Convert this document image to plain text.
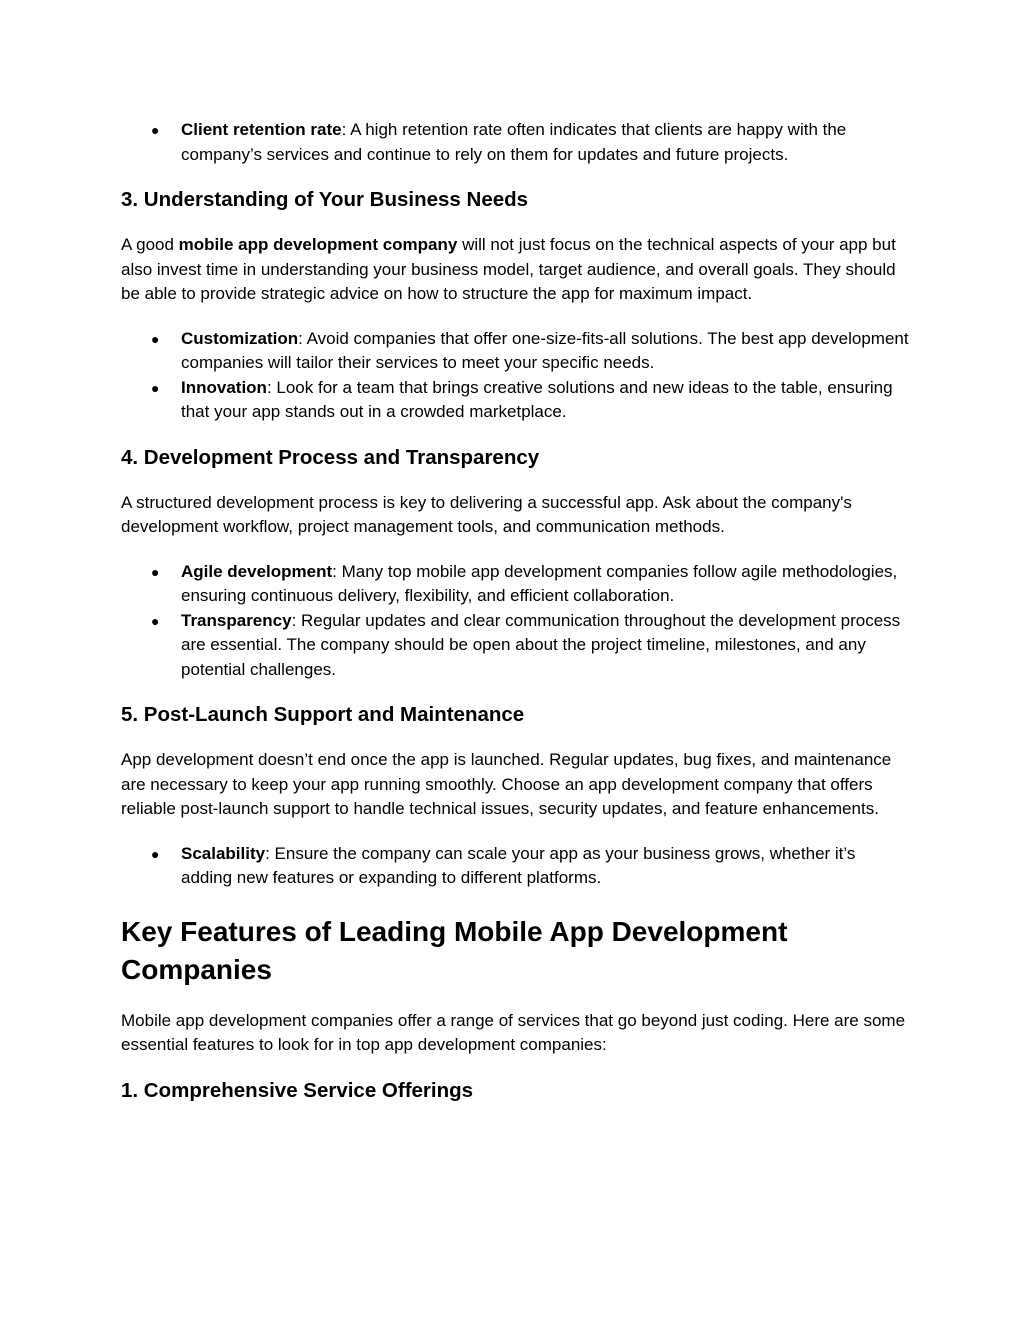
● Client retention rate: A high retention rate often indicates that clients are happy with the company’s services and continue to rely on them for updates and future projects.
3. Understanding of Your Business Needs

A good mobile app development company will not just focus on the technical aspects of your app but also invest time in understanding your business model, target audience, and overall goals. They should be able to provide strategic advice on how to structure the app for maximum impact.

● Customization: Avoid companies that offer one-size-fits-all solutions. The best app development companies will tailor their services to meet your specific needs.
● Innovation: Look for a team that brings creative solutions and new ideas to the table, ensuring that your app stands out in a crowded marketplace.
4. Development Process and Transparency

A structured development process is key to delivering a successful app. Ask about the company's development workflow, project management tools, and communication methods.

● Agile development: Many top mobile app development companies follow agile methodologies, ensuring continuous delivery, flexibility, and efficient collaboration.
● Transparency: Regular updates and clear communication throughout the development process are essential. The company should be open about the project timeline, milestones, and any potential challenges.
5. Post-Launch Support and Maintenance

App development doesn’t end once the app is launched. Regular updates, bug fixes, and maintenance are necessary to keep your app running smoothly. Choose an app development company that offers reliable post-launch support to handle technical issues, security updates, and feature enhancements.

● Scalability: Ensure the company can scale your app as your business grows, whether it’s adding new features or expanding to different platforms.
Key Features of Leading Mobile App Development Companies

Mobile app development companies offer a range of services that go beyond just coding. Here are some essential features to look for in top app development companies:

1. Comprehensive Service Offerings
